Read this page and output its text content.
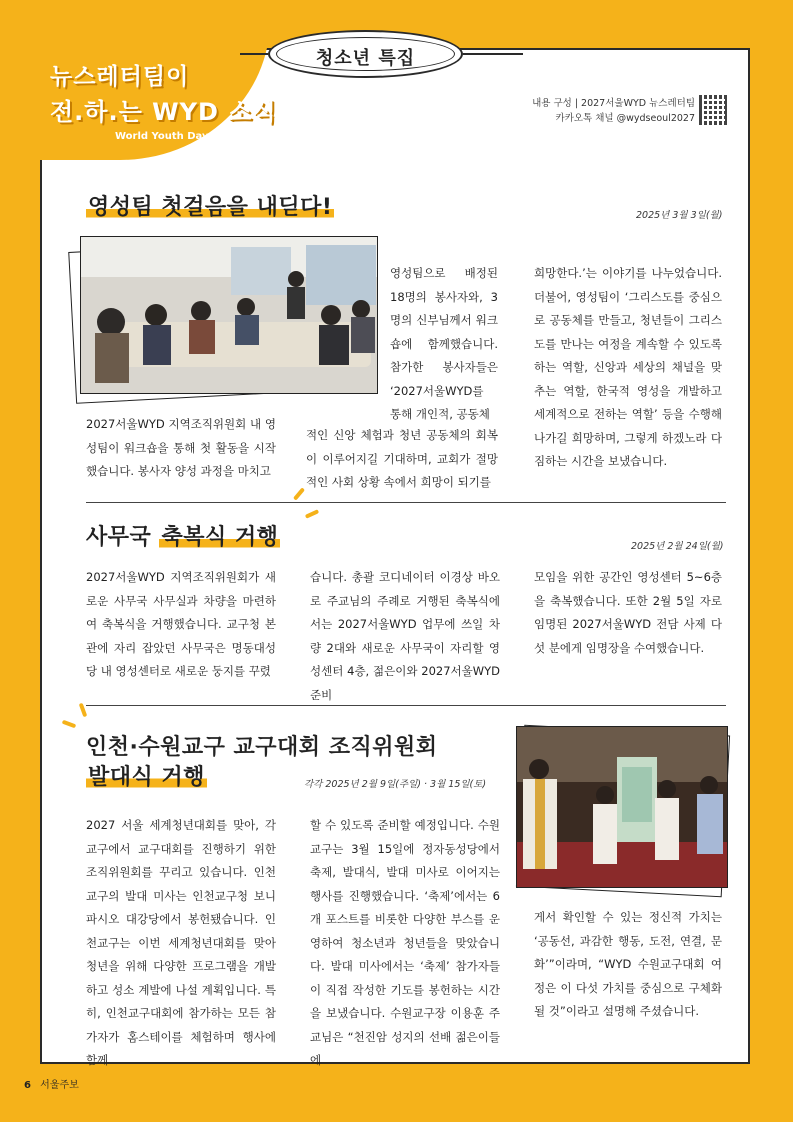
뉴스레터팀이
전.하.는 WYD 소식
World Youth Day
청소년 특집
내용 구성 | 2027서울WYD 뉴스레터팀
카카오톡 채널 @wydseoul2027
영성팀 첫걸음을 내딛다!	2025년 3월 3일(월)
2027서울WYD 지역조직위원회 내 영성팀이 워크숍을 통해 첫 활동을 시작했습니다. 봉사자 양성 과정을 마치고
영성팀으로 배정된 18명의 봉사자와, 3명의 신부님께서 워크숍에 함께했습니다. 참가한 봉사자들은 ‘2027서울WYD를 통해 개인적, 공동체
적인 신앙 체험과 청년 공동체의 회복이 이루어지길 기대하며, 교회가 절망적인 사회 상황 속에서 희망이 되기를
희망한다.’는 이야기를 나누었습니다. 더불어, 영성팀이 ‘그리스도를 중심으로 공동체를 만들고, 청년들이 그리스도를 만나는 여정을 계속할 수 있도록 하는 역할, 신앙과 세상의 채널을 맞추는 역할, 한국적 영성을 개발하고 세계적으로 전하는 역할’ 등을 수행해 나가길 희망하며, 그렇게 하겠노라 다짐하는 시간을 보냈습니다.
사무국 축복식 거행	2025년 2월 24일(월)
2027서울WYD 지역조직위원회가 새로운 사무국 사무실과 차량을 마련하여 축복식을 거행했습니다. 교구청 본관에 자리 잡았던 사무국은 명동대성당 내 영성센터로 새로운 둥지를 꾸렸
습니다. 총괄 코디네이터 이경상 바오로 주교님의 주례로 거행된 축복식에서는 2027서울WYD 업무에 쓰일 차량 2대와 새로운 사무국이 자리할 영성센터 4층, 젊은이와 2027서울WYD 준비
모임을 위한 공간인 영성센터 5~6층을 축복했습니다. 또한 2월 5일 자로 임명된 2027서울WYD 전담 사제 다섯 분에게 임명장을 수여했습니다.
인천·수원교구 교구대회 조직위원회
발대식 거행	각각 2025년 2월 9일(주일) · 3월 15일(토)
2027 서울 세계청년대회를 맞아, 각 교구에서 교구대회를 진행하기 위한 조직위원회를 꾸리고 있습니다. 인천교구의 발대 미사는 인천교구청 보니파시오 대강당에서 봉헌됐습니다. 인천교구는 이번 세계청년대회를 맞아 청년을 위해 다양한 프로그램을 개발하고 성소 계발에 나설 계획입니다. 특히, 인천교구대회에 참가하는 모든 참가자가 홈스테이를 체험하며 행사에 함께
할 수 있도록 준비할 예정입니다. 수원교구는 3월 15일에 정자동성당에서 축제, 발대식, 발대 미사로 이어지는 행사를 진행했습니다. ‘축제’에서는 6개 포스트를 비롯한 다양한 부스를 운영하여 청소년과 청년들을 맞았습니다. 발대 미사에서는 ‘축제’ 참가자들이 직접 작성한 기도를 봉헌하는 시간을 보냈습니다. 수원교구장 이용훈 주교님은 “천진암 성지의 선배 젊은이들에
게서 확인할 수 있는 정신적 가치는 ‘공동선, 과감한 행동, 도전, 연결, 문화’”이라며, “WYD 수원교구대회 여정은 이 다섯 가치를 중심으로 구체화될 것”이라고 설명해 주셨습니다.
6 서울주보
